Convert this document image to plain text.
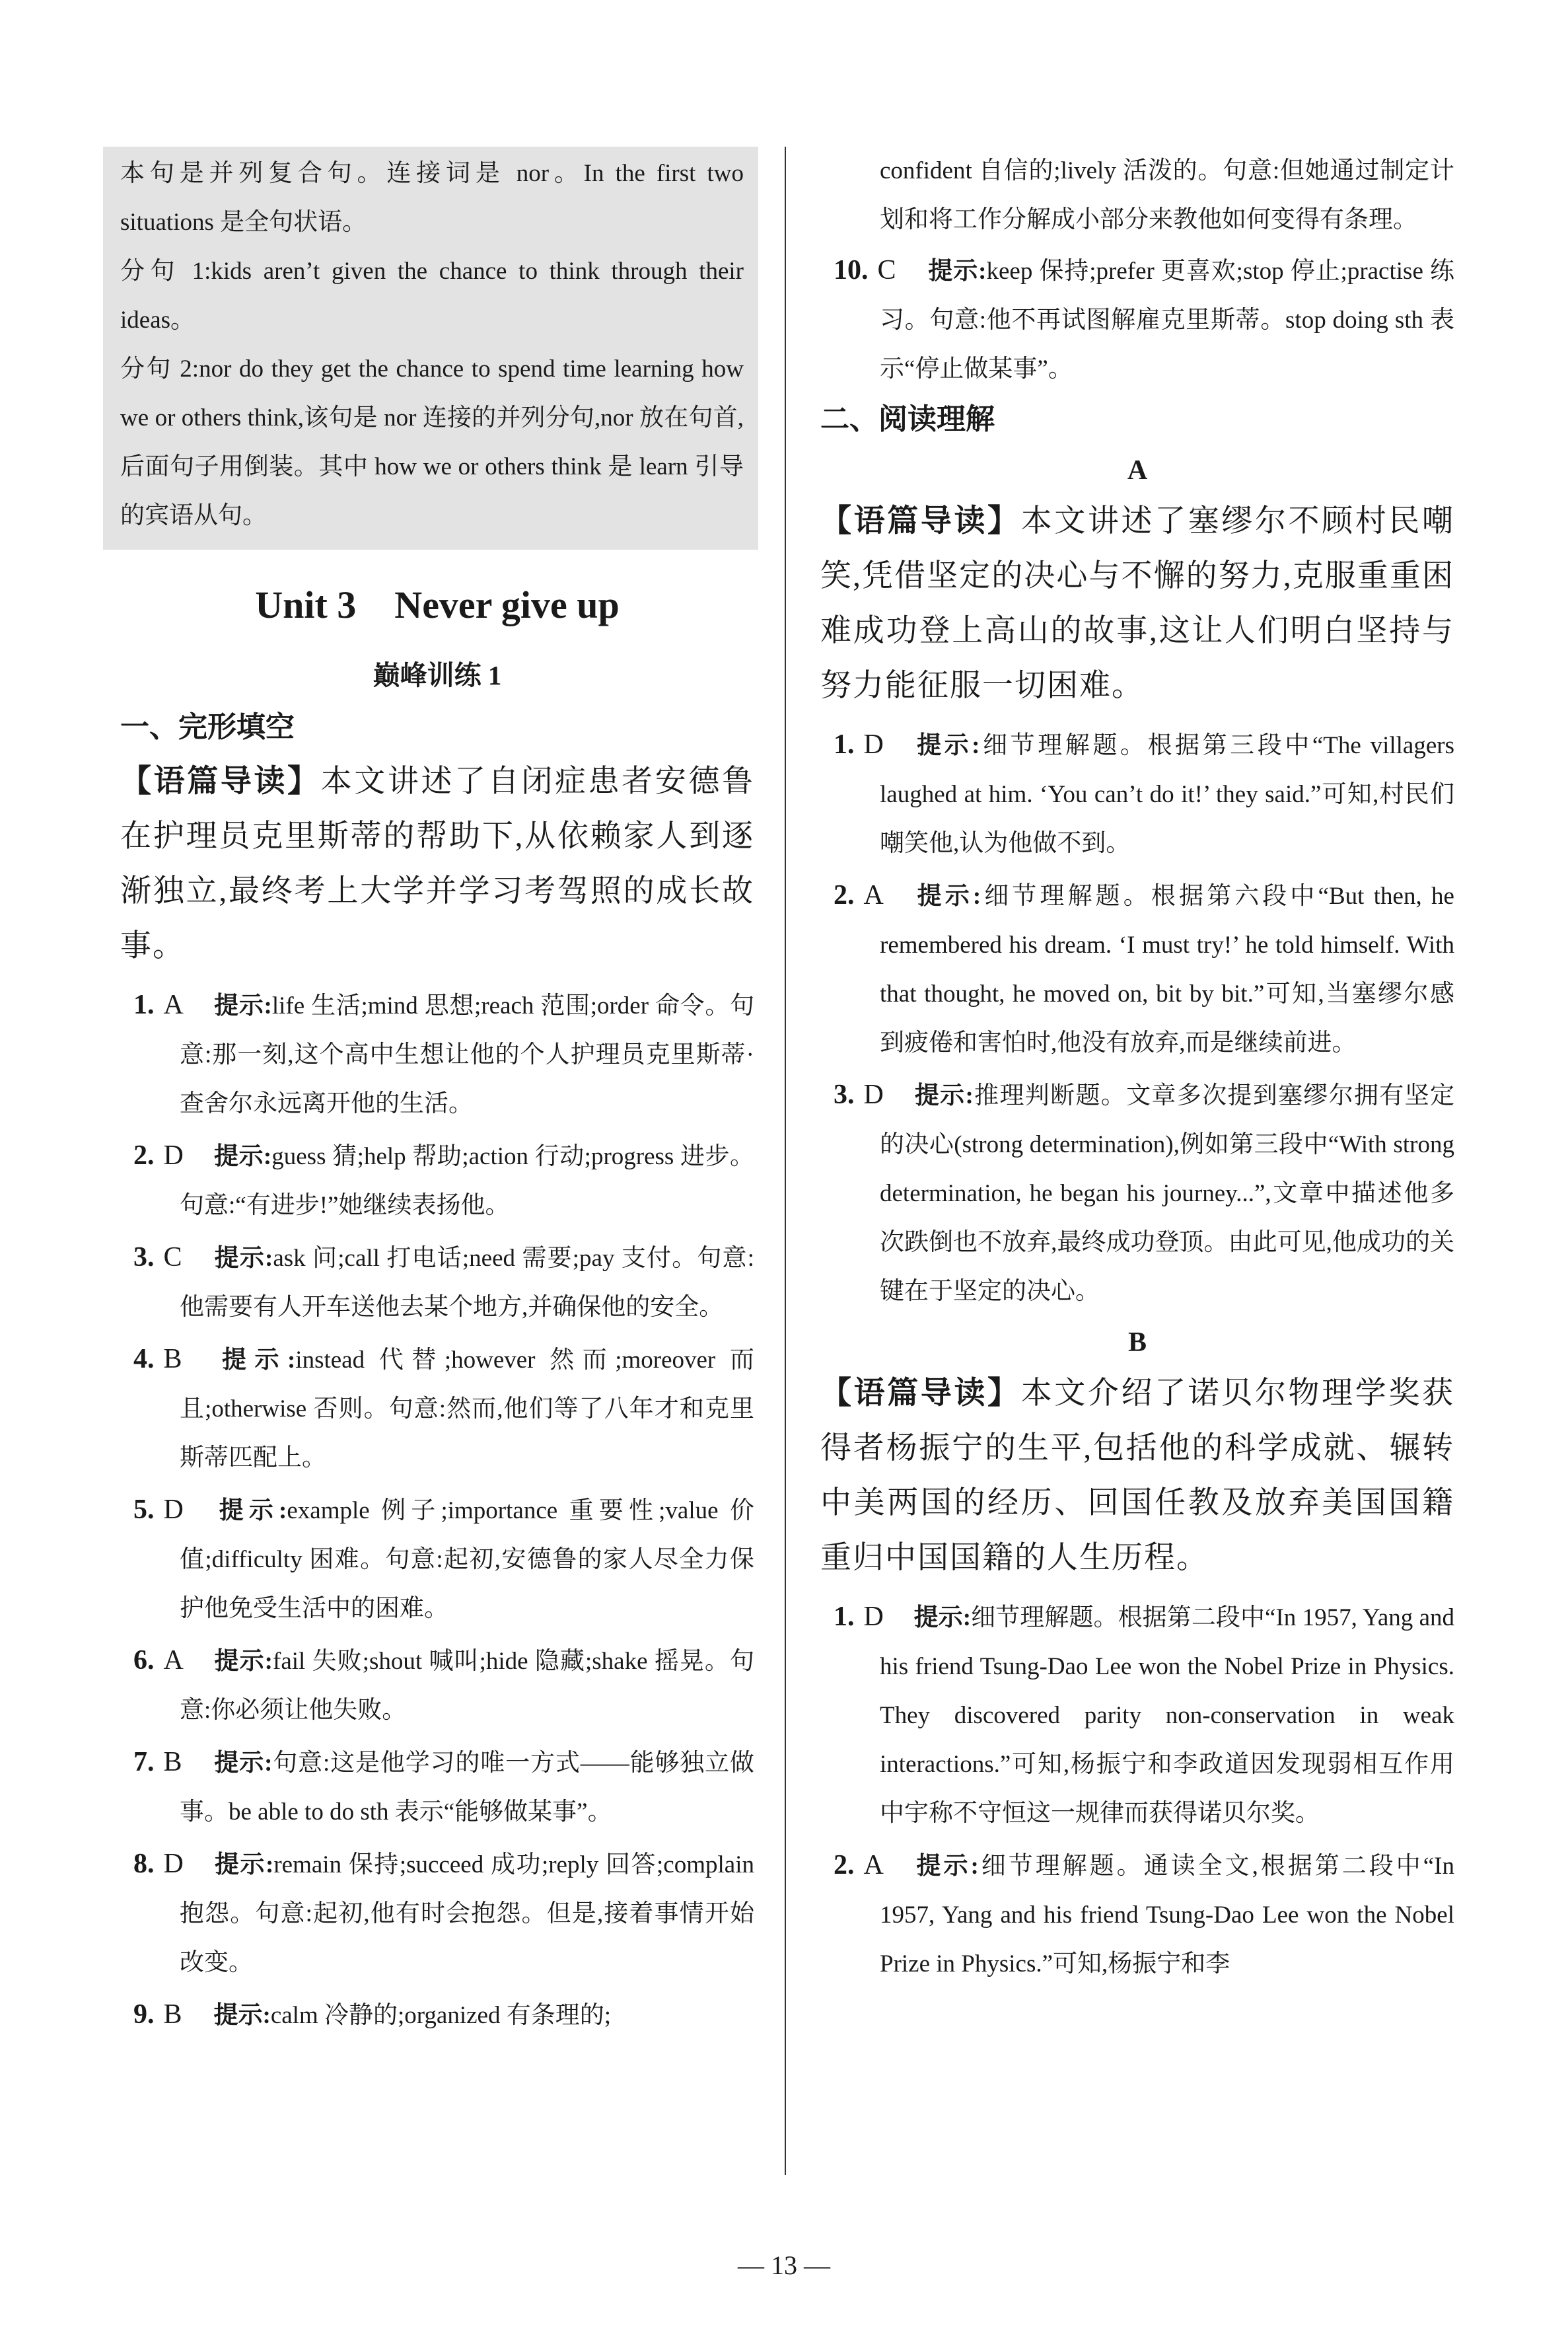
本句是并列复合句。连接词是 nor。In the first two situations 是全句状语。
分句 1:kids aren’t given the chance to think through their ideas。
分句 2:nor do they get the chance to spend time learning how we or others think,该句是 nor 连接的并列分句,nor 放在句首,后面句子用倒装。其中 how we or others think 是 learn 引导的宾语从句。
Unit 3    Never give up
巅峰训练 1
一、完形填空
【语篇导读】本文讲述了自闭症患者安德鲁在护理员克里斯蒂的帮助下,从依赖家人到逐渐独立,最终考上大学并学习考驾照的成长故事。
1. A 提示:life 生活;mind 思想;reach 范围;order 命令。句意:那一刻,这个高中生想让他的个人护理员克里斯蒂·查舍尔永远离开他的生活。
2. D 提示:guess 猜;help 帮助;action 行动;progress 进步。句意:“有进步!”她继续表扬他。
3. C 提示:ask 问;call 打电话;need 需要;pay 支付。句意:他需要有人开车送他去某个地方,并确保他的安全。
4. B 提示:instead 代替;however 然而;moreover 而且;otherwise 否则。句意:然而,他们等了八年才和克里斯蒂匹配上。
5. D 提示:example 例子;importance 重要性;value 价值;difficulty 困难。句意:起初,安德鲁的家人尽全力保护他免受生活中的困难。
6. A 提示:fail 失败;shout 喊叫;hide 隐藏;shake 摇晃。句意:你必须让他失败。
7. B 提示:句意:这是他学习的唯一方式——能够独立做事。be able to do sth 表示“能够做某事”。
8. D 提示:remain 保持;succeed 成功;reply 回答;complain 抱怨。句意:起初,他有时会抱怨。但是,接着事情开始改变。
9. B 提示:calm 冷静的;organized 有条理的;
confident 自信的;lively 活泼的。句意:但她通过制定计划和将工作分解成小部分来教他如何变得有条理。
10. C 提示:keep 保持;prefer 更喜欢;stop 停止;practise 练习。句意:他不再试图解雇克里斯蒂。stop doing sth 表示“停止做某事”。
二、阅读理解
A
【语篇导读】本文讲述了塞缪尔不顾村民嘲笑,凭借坚定的决心与不懈的努力,克服重重困难成功登上高山的故事,这让人们明白坚持与努力能征服一切困难。
1. D 提示:细节理解题。根据第三段中“The villagers laughed at him. ‘You can’t do it!’ they said.”可知,村民们嘲笑他,认为他做不到。
2. A 提示:细节理解题。根据第六段中“But then, he remembered his dream. ‘I must try!’ he told himself. With that thought, he moved on, bit by bit.”可知,当塞缪尔感到疲倦和害怕时,他没有放弃,而是继续前进。
3. D 提示:推理判断题。文章多次提到塞缪尔拥有坚定的决心(strong determination),例如第三段中“With strong determination, he began his journey...”,文章中描述他多次跌倒也不放弃,最终成功登顶。由此可见,他成功的关键在于坚定的决心。
B
【语篇导读】本文介绍了诺贝尔物理学奖获得者杨振宁的生平,包括他的科学成就、辗转中美两国的经历、回国任教及放弃美国国籍重归中国国籍的人生历程。
1. D 提示:细节理解题。根据第二段中“In 1957, Yang and his friend Tsung-Dao Lee won the Nobel Prize in Physics. They discovered parity non-conservation in weak interactions.”可知,杨振宁和李政道因发现弱相互作用中宇称不守恒这一规律而获得诺贝尔奖。
2. A 提示:细节理解题。通读全文,根据第二段中“In 1957, Yang and his friend Tsung-Dao Lee won the Nobel Prize in Physics.”可知,杨振宁和李
— 13 —
